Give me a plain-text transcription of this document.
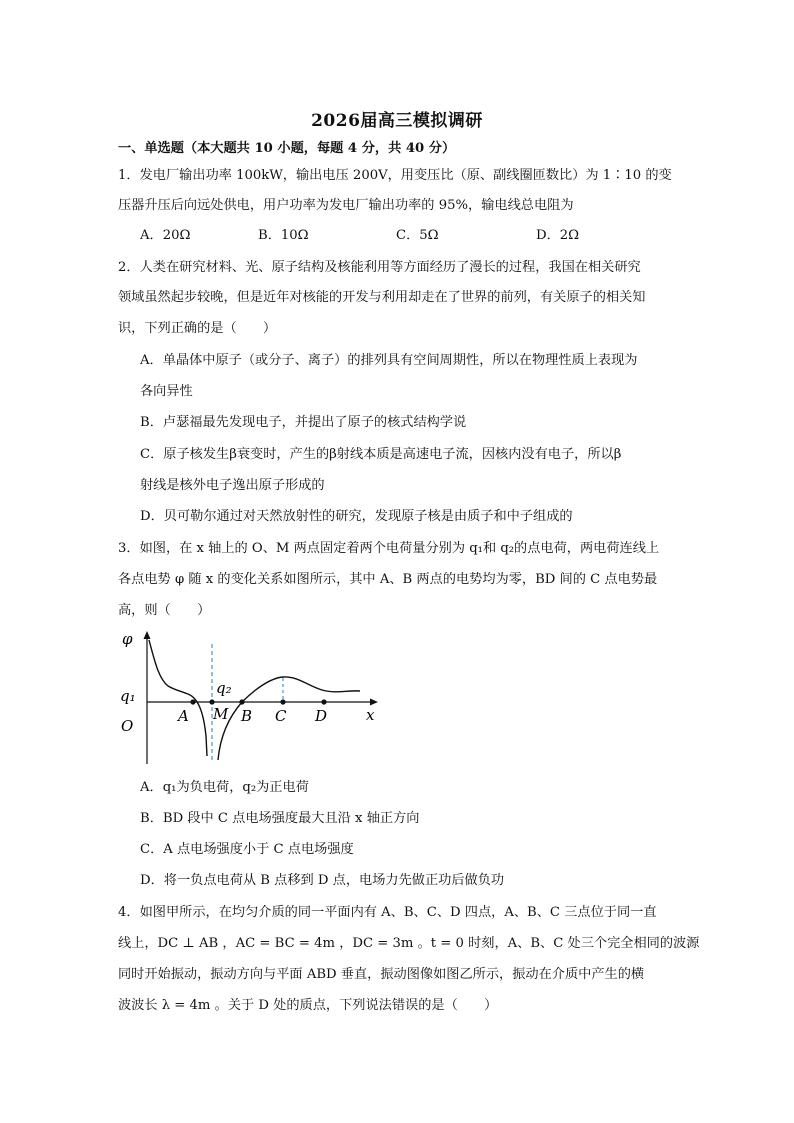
2026届高三模拟调研
一、单选题（本大题共 10 小题，每题 4 分，共 40 分）
1．发电厂输出功率 100kW，输出电压 200V，用变压比（原、副线圈匝数比）为 1∶10 的变
压器升压后向远处供电，用户功率为发电厂输出功率的 95%，输电线总电阻为
A．20Ω	B．10Ω	C．5Ω	D．2Ω
2．人类在研究材料、光、原子结构及核能利用等方面经历了漫长的过程，我国在相关研究
领域虽然起步较晚，但是近年对核能的开发与利用却走在了世界的前列，有关原子的相关知
识，下列正确的是（　　）
A．单晶体中原子（或分子、离子）的排列具有空间周期性，所以在物理性质上表现为
各向异性
B．卢瑟福最先发现电子，并提出了原子的核式结构学说
C．原子核发生β衰变时，产生的β射线本质是高速电子流，因核内没有电子，所以β
射线是核外电子逸出原子形成的
D．贝可勒尔通过对天然放射性的研究，发现原子核是由质子和中子组成的
3．如图，在 x 轴上的 O、M 两点固定着两个电荷量分别为 q₁和 q₂的点电荷，两电荷连线上
各点电势 φ 随 x 的变化关系如图所示，其中 A、B 两点的电势均为零，BD 间的 C 点电势最
高，则（　　）
φ
x
q₁
O
q₂
A M B C D
A．q₁为负电荷，q₂为正电荷
B．BD 段中 C 点电场强度最大且沿 x 轴正方向
C．A 点电场强度小于 C 点电场强度
D．将一负点电荷从 B 点移到 D 点，电场力先做正功后做负功
4．如图甲所示，在均匀介质的同一平面内有 A、B、C、D 四点，A、B、C 三点位于同一直
线上，DC ⊥ AB ，AC = BC = 4m ，DC = 3m 。t = 0 时刻，A、B、C 处三个完全相同的波源
同时开始振动，振动方向与平面 ABD 垂直，振动图像如图乙所示，振动在介质中产生的横
波波长 λ = 4m 。关于 D 处的质点，下列说法错误的是（　　）
